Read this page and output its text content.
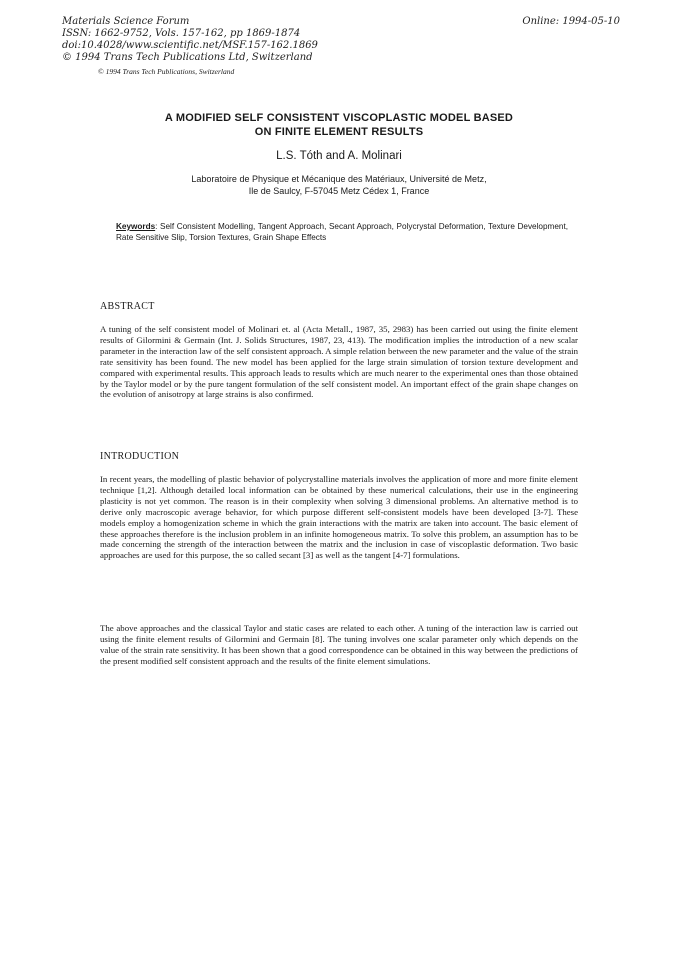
Materials Science Forum
ISSN: 1662-9752, Vols. 157-162, pp 1869-1874
doi:10.4028/www.scientific.net/MSF.157-162.1869
© 1994 Trans Tech Publications Ltd, Switzerland
Online: 1994-05-10
© 1994 Trans Tech Publications, Switzerland
A MODIFIED SELF CONSISTENT VISCOPLASTIC MODEL BASED
ON FINITE ELEMENT RESULTS
L.S. Tóth and A. Molinari
Laboratoire de Physique et Mécanique des Matériaux, Université de Metz,
Ile de Saulcy, F-57045 Metz Cédex 1, France
Keywords: Self Consistent Modelling, Tangent Approach, Secant Approach, Polycrystal Deformation, Texture Development, Rate Sensitive Slip, Torsion Textures, Grain Shape Effects
ABSTRACT
A tuning of the self consistent model of Molinari et. al (Acta Metall., 1987, 35, 2983) has been carried out using the finite element results of Gilormini & Germain (Int. J. Solids Structures, 1987, 23, 413). The modification implies the introduction of a new scalar parameter in the interaction law of the self consistent approach. A simple relation between the new parameter and the value of the strain rate sensitivity has been found. The new model has been applied for the large strain simulation of torsion texture development and compared with experimental results. This approach leads to results which are much nearer to the experimental ones than those obtained by the Taylor model or by the pure tangent formulation of the self consistent model. An important effect of the grain shape changes on the evolution of anisotropy at large strains is also confirmed.
INTRODUCTION
In recent years, the modelling of plastic behavior of polycrystalline materials involves the application of more and more finite element technique [1,2]. Although detailed local information can be obtained by these numerical calculations, their use in the engineering plasticity is not yet common. The reason is in their complexity when solving 3 dimensional problems. An alternative method is to derive only macroscopic average behavior, for which purpose different self-consistent models have been developed [3-7]. These models employ a homogenization scheme in which the grain interactions with the matrix are taken into account. The basic element of these approaches therefore is the inclusion problem in an infinite homogeneous matrix. To solve this problem, an assumption has to be made concerning the strength of the interaction between the matrix and the inclusion in case of viscoplastic deformation. Two basic approaches are used for this purpose, the so called secant [3] as well as the tangent [4-7] formulations.
The above approaches and the classical Taylor and static cases are related to each other. A tuning of the interaction law is carried out using the finite element results of Gilormini and Germain [8]. The tuning involves one scalar parameter only which depends on the value of the strain rate sensitivity. It has been shown that a good correspondence can be obtained in this way between the predictions of the present modified self consistent approach and the results of the finite element simulations.
